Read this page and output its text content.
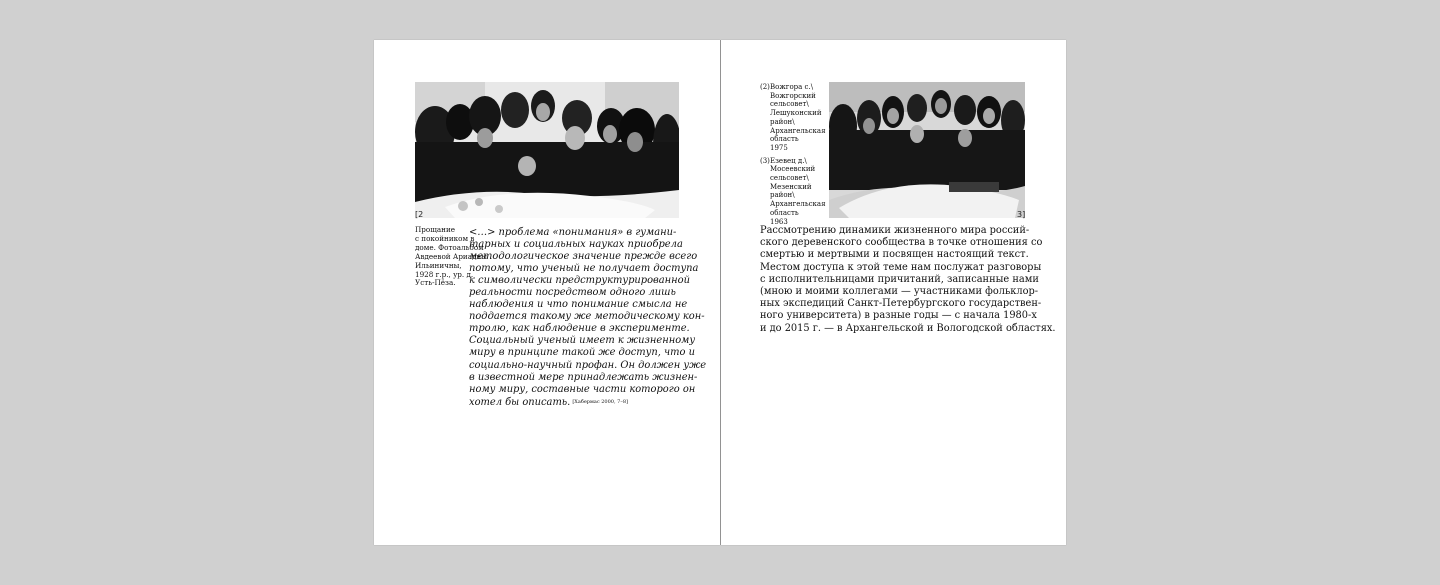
[2
Прощание
с покойником в
доме. Фотоальбом
Авдеевой Ариадны
Ильиничны,
1928 г.р., ур. д.
Усть-Пёза.

<…> проблема «понимания» в гумани-
тарных и социальных науках приобрела
методологическое значение прежде всего
потому, что ученый не получает доступа
к символически предструктурированной
реальности посредством одного лишь
наблюдения и что понимание смысла не
поддается такому же методическому кон-
тролю, как наблюдение в эксперименте.
Социальный ученый имеет к жизненному
миру в принципе такой же доступ, что и
социально-научный профан. Он должен уже
в известной мере принадлежать жизнен-
ному миру, составные части которого он
хотел бы описать. [Хабермас 2000, 7–8]

(2) Вожгора с.\
Вожгорский
сельсовет\
Лешуконский
район\
Архангельская
область
1975
(3) Езевец д.\
Мосеевский
сельсовет\
Мезенский
район\
Архангельская
область
1963
3]

Рассмотрению динамики жизненного мира россий-
ского деревенского сообщества в точке отношения со
смертью и мертвыми и посвящен настоящий текст.
Местом доступа к этой теме нам послужат разговоры
с исполнительницами причитаний, записанные нами
(мною и моими коллегами — участниками фольклор-
ных экспедиций Санкт-Петербургского государствен-
ного университета) в разные годы — с начала 1980-х
и до 2015 г. — в Архангельской и Вологодской областях.
